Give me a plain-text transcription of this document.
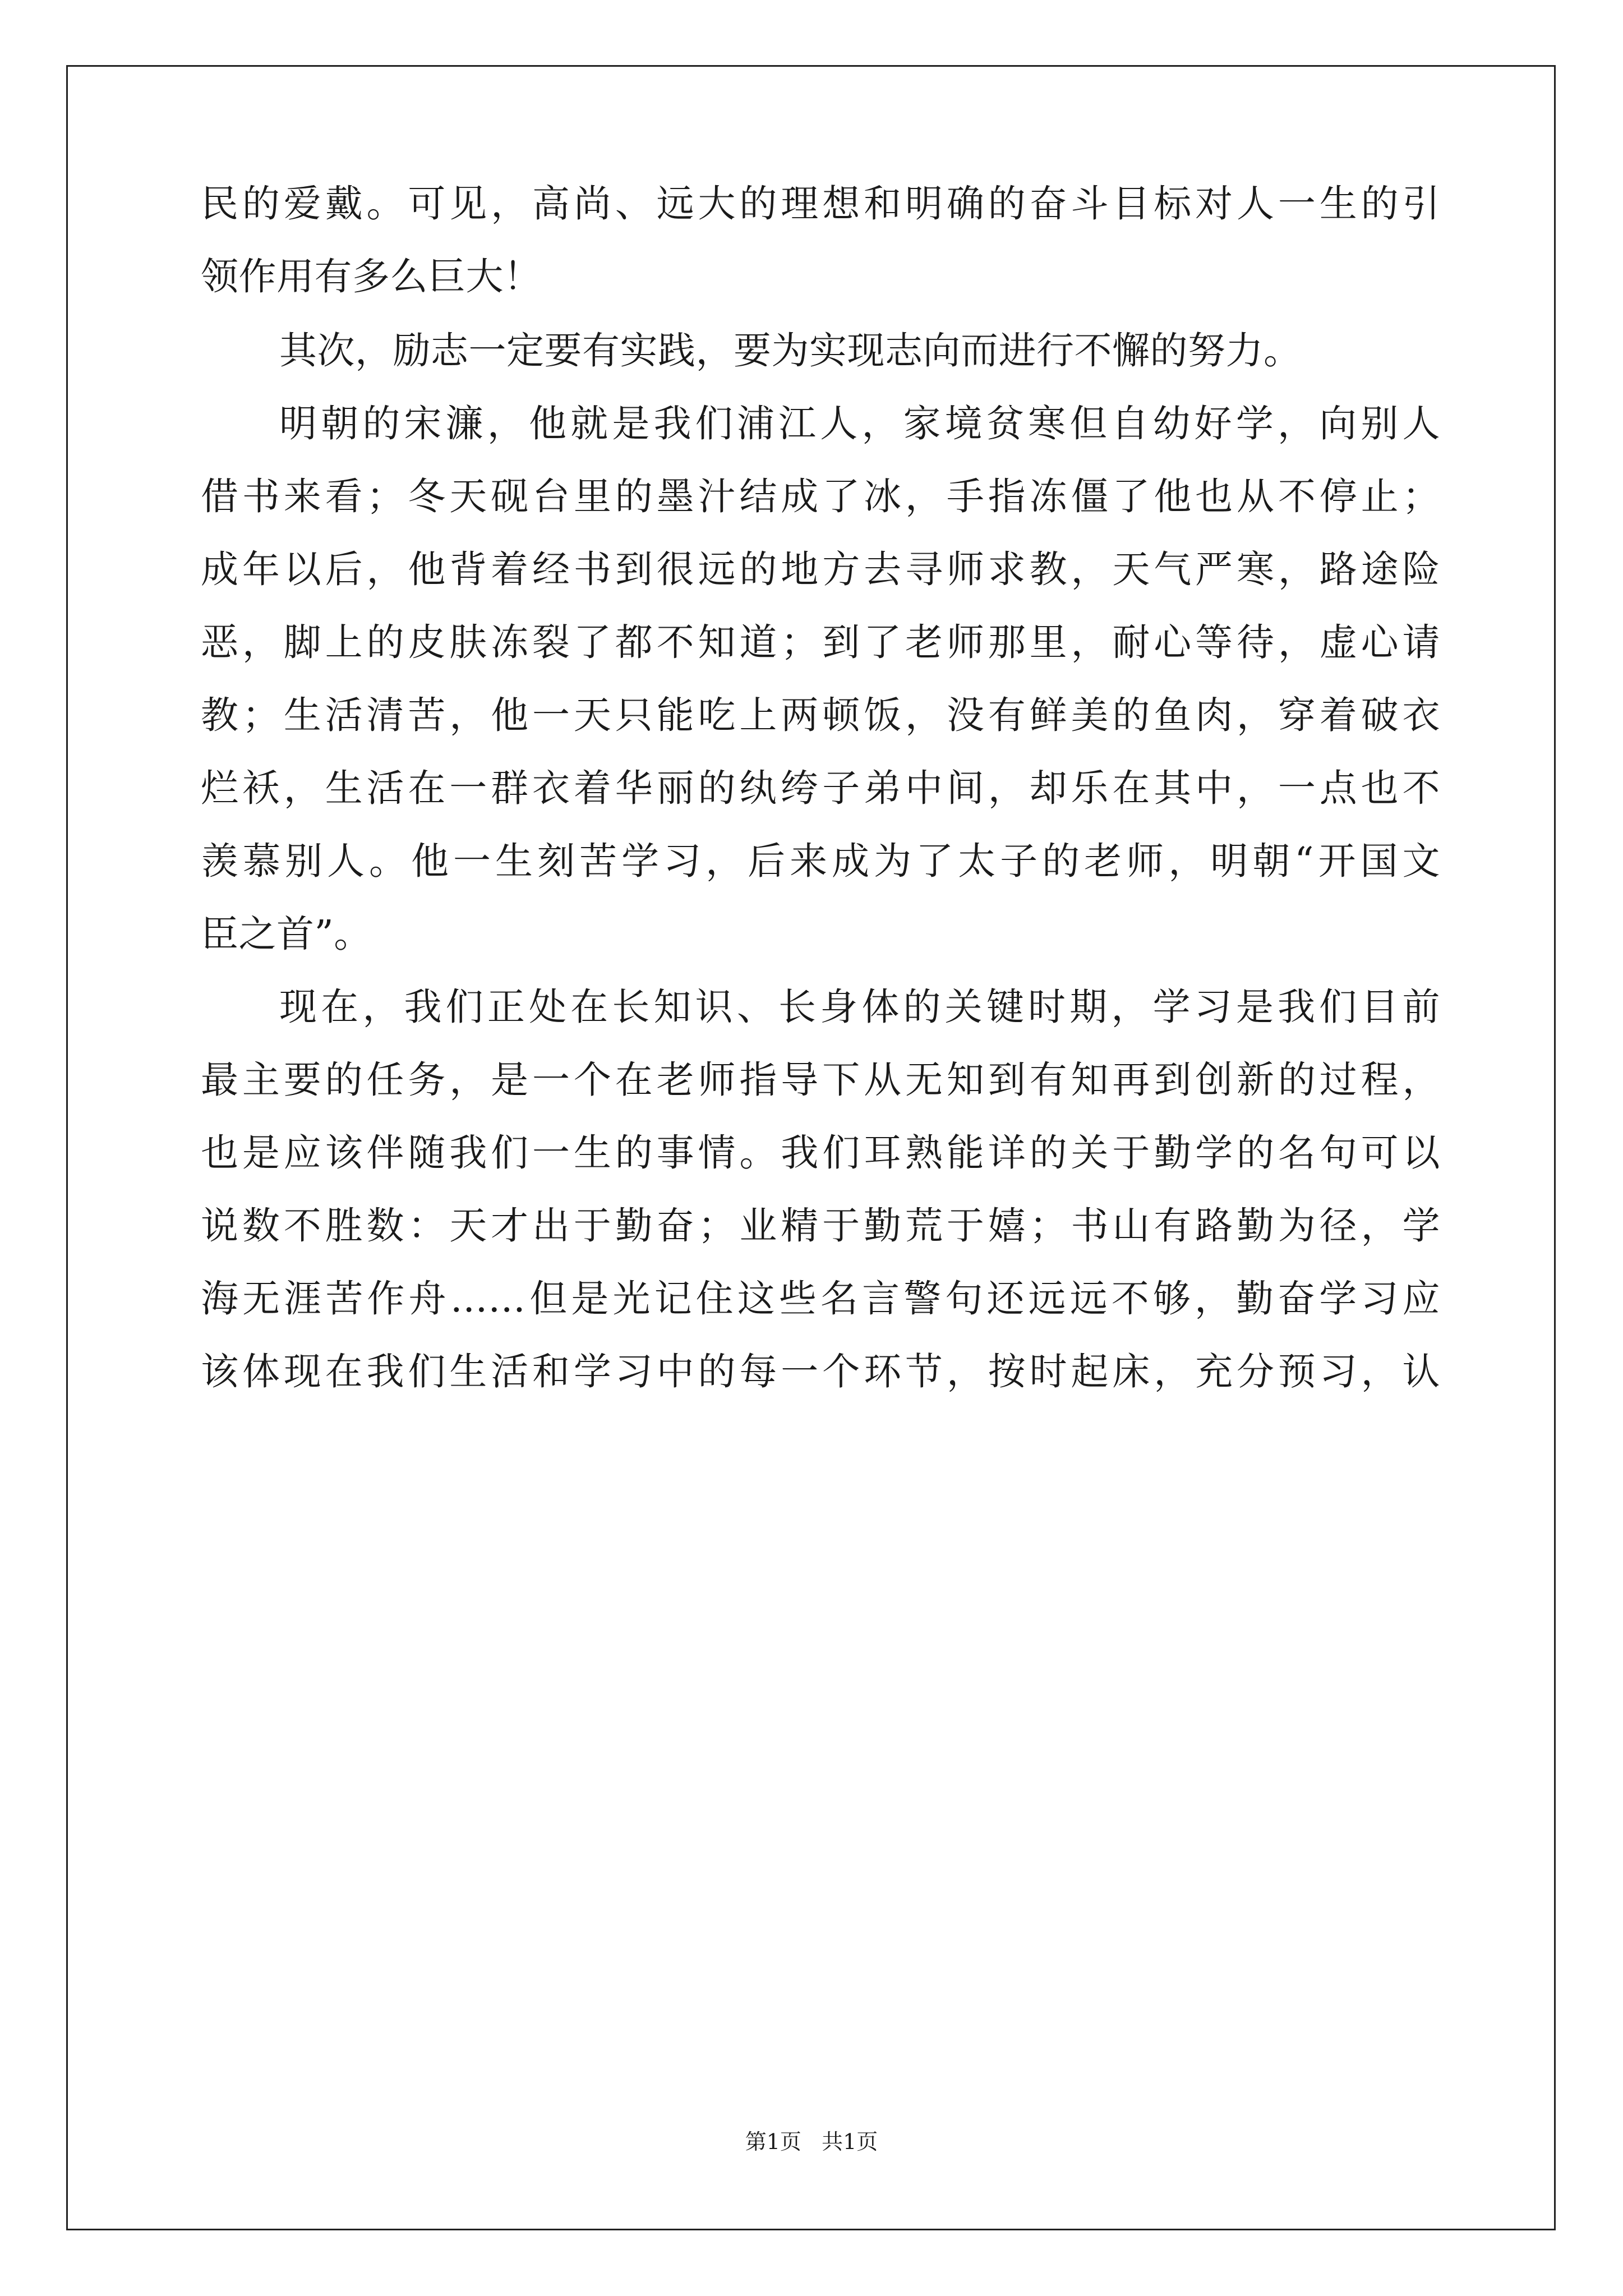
民的爱戴。可见，高尚、远大的理想和明确的奋斗目标对人一生的引
领作用有多么巨大！
其次，励志一定要有实践，要为实现志向而进行不懈的努力。
明朝的宋濂，他就是我们浦江人，家境贫寒但自幼好学，向别人
借书来看；冬天砚台里的墨汁结成了冰，手指冻僵了他也从不停止；
成年以后，他背着经书到很远的地方去寻师求教，天气严寒，路途险
恶，脚上的皮肤冻裂了都不知道；到了老师那里，耐心等待，虚心请
教；生活清苦，他一天只能吃上两顿饭，没有鲜美的鱼肉，穿着破衣
烂袄，生活在一群衣着华丽的纨绔子弟中间，却乐在其中，一点也不
羡慕别人。他一生刻苦学习，后来成为了太子的老师，明朝“开国文
臣之首”。
现在，我们正处在长知识、长身体的关键时期，学习是我们目前
最主要的任务，是一个在老师指导下从无知到有知再到创新的过程，
也是应该伴随我们一生的事情。我们耳熟能详的关于勤学的名句可以
说数不胜数：天才出于勤奋；业精于勤荒于嬉；书山有路勤为径，学
海无涯苦作舟……但是光记住这些名言警句还远远不够，勤奋学习应
该体现在我们生活和学习中的每一个环节，按时起床，充分预习，认
第1页   共1页
